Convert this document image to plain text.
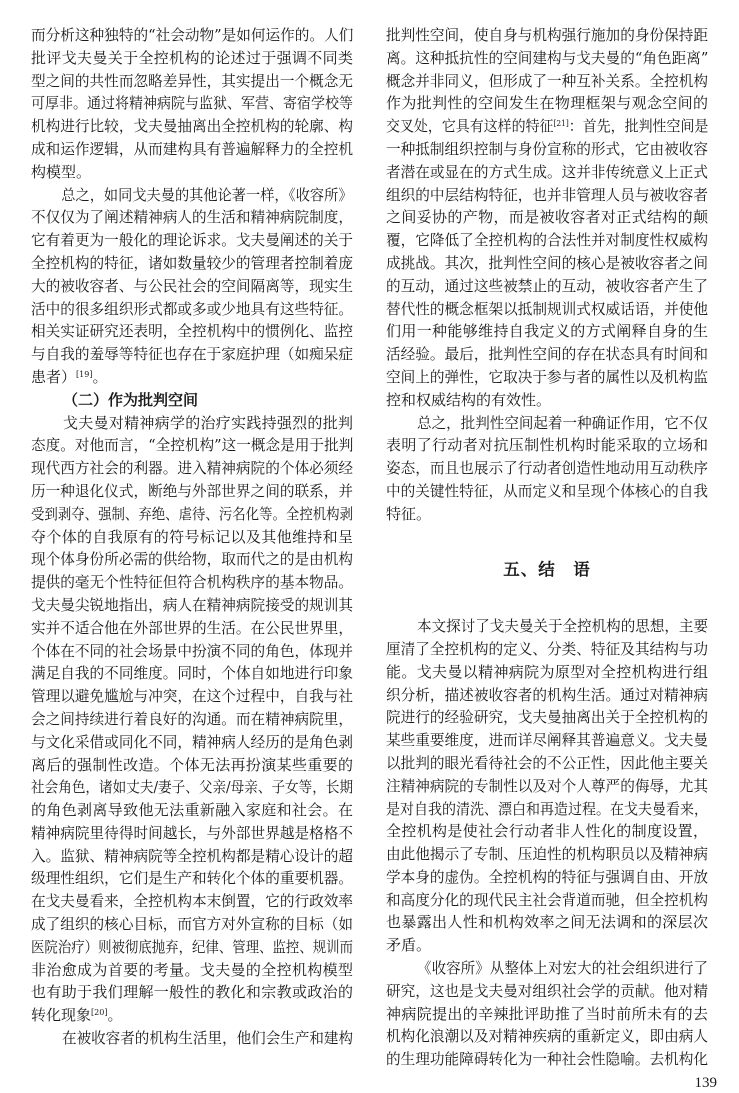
而分析这种独特的“社会动物”是如何运作的。人们
批评戈夫曼关于全控机构的论述过于强调不同类
型之间的共性而忽略差异性，其实提出一个概念无
可厚非。通过将精神病院与监狱、军营、寄宿学校等
机构进行比较，戈夫曼抽离出全控机构的轮廓、构
成和运作逻辑，从而建构具有普遍解释力的全控机
构模型。
总之，如同戈夫曼的其他论著一样，《收容所》
不仅仅为了阐述精神病人的生活和精神病院制度，
它有着更为一般化的理论诉求。戈夫曼阐述的关于
全控机构的特征，诸如数量较少的管理者控制着庞
大的被收容者、与公民社会的空间隔离等，现实生
活中的很多组织形式都或多或少地具有这些特征。
相关实证研究还表明，全控机构中的惯例化、监控
与自我的羞辱等特征也存在于家庭护理（如痴呆症
患者）[19]。
（二）作为批判空间
戈夫曼对精神病学的治疗实践持强烈的批判
态度。对他而言，“全控机构”这一概念是用于批判
现代西方社会的利器。进入精神病院的个体必须经
历一种退化仪式，断绝与外部世界之间的联系，并
受到剥夺、强制、弃绝、虐待、污名化等。全控机构剥
夺个体的自我原有的符号标记以及其他维持和呈
现个体身份所必需的供给物，取而代之的是由机构
提供的毫无个性特征但符合机构秩序的基本物品。
戈夫曼尖锐地指出，病人在精神病院接受的规训其
实并不适合他在外部世界的生活。在公民世界里，
个体在不同的社会场景中扮演不同的角色，体现并
满足自我的不同维度。同时，个体自如地进行印象
管理以避免尴尬与冲突，在这个过程中，自我与社
会之间持续进行着良好的沟通。而在精神病院里，
与文化采借或同化不同，精神病人经历的是角色剥
离后的强制性改造。个体无法再扮演某些重要的
社会角色，诸如丈夫/妻子、父亲/母亲、子女等，长期
的角色剥离导致他无法重新融入家庭和社会。在
精神病院里待得时间越长，与外部世界越是格格不
入。监狱、精神病院等全控机构都是精心设计的超
级理性组织，它们是生产和转化个体的重要机器。
在戈夫曼看来，全控机构本末倒置，它的行政效率
成了组织的核心目标，而官方对外宣称的目标（如
医院治疗）则被彻底抛弃，纪律、管理、监控、规训而
非治愈成为首要的考量。戈夫曼的全控机构模型
也有助于我们理解一般性的教化和宗教或政治的
转化现象[20]。
在被收容者的机构生活里，他们会生产和建构
批判性空间，使自身与机构强行施加的身份保持距
离。这种抵抗性的空间建构与戈夫曼的“角色距离”
概念并非同义，但形成了一种互补关系。全控机构
作为批判性的空间发生在物理框架与观念空间的
交叉处，它具有这样的特征[21]：首先，批判性空间是
一种抵制组织控制与身份宣称的形式，它由被收容
者潜在或显在的方式生成。这并非传统意义上正式
组织的中层结构特征，也并非管理人员与被收容者
之间妥协的产物，而是被收容者对正式结构的颠
覆，它降低了全控机构的合法性并对制度性权威构
成挑战。其次，批判性空间的核心是被收容者之间
的互动，通过这些被禁止的互动，被收容者产生了
替代性的概念框架以抵制规训式权威话语，并使他
们用一种能够维持自我定义的方式阐释自身的生
活经验。最后，批判性空间的存在状态具有时间和
空间上的弹性，它取决于参与者的属性以及机构监
控和权威结构的有效性。
总之，批判性空间起着一种确证作用，它不仅
表明了行动者对抗压制性机构时能采取的立场和
姿态，而且也展示了行动者创造性地动用互动秩序
中的关键性特征，从而定义和呈现个体核心的自我
特征。
五、结　语
本文探讨了戈夫曼关于全控机构的思想，主要
厘清了全控机构的定义、分类、特征及其结构与功
能。戈夫曼以精神病院为原型对全控机构进行组
织分析，描述被收容者的机构生活。通过对精神病
院进行的经验研究，戈夫曼抽离出关于全控机构的
某些重要维度，进而详尽阐释其普遍意义。戈夫曼
以批判的眼光看待社会的不公正性，因此他主要关
注精神病院的专制性以及对个人尊严的侮辱，尤其
是对自我的清洗、漂白和再造过程。在戈夫曼看来，
全控机构是使社会行动者非人性化的制度设置，
由此他揭示了专制、压迫性的机构职员以及精神病
学本身的虚伪。全控机构的特征与强调自由、开放
和高度分化的现代民主社会背道而驰，但全控机构
也暴露出人性和机构效率之间无法调和的深层次
矛盾。
《收容所》从整体上对宏大的社会组织进行了
研究，这也是戈夫曼对组织社会学的贡献。他对精
神病院提出的辛辣批评助推了当时前所未有的去
机构化浪潮以及对精神疾病的重新定义，即由病人
的生理功能障碍转化为一种社会性隐喻。去机构化
139
